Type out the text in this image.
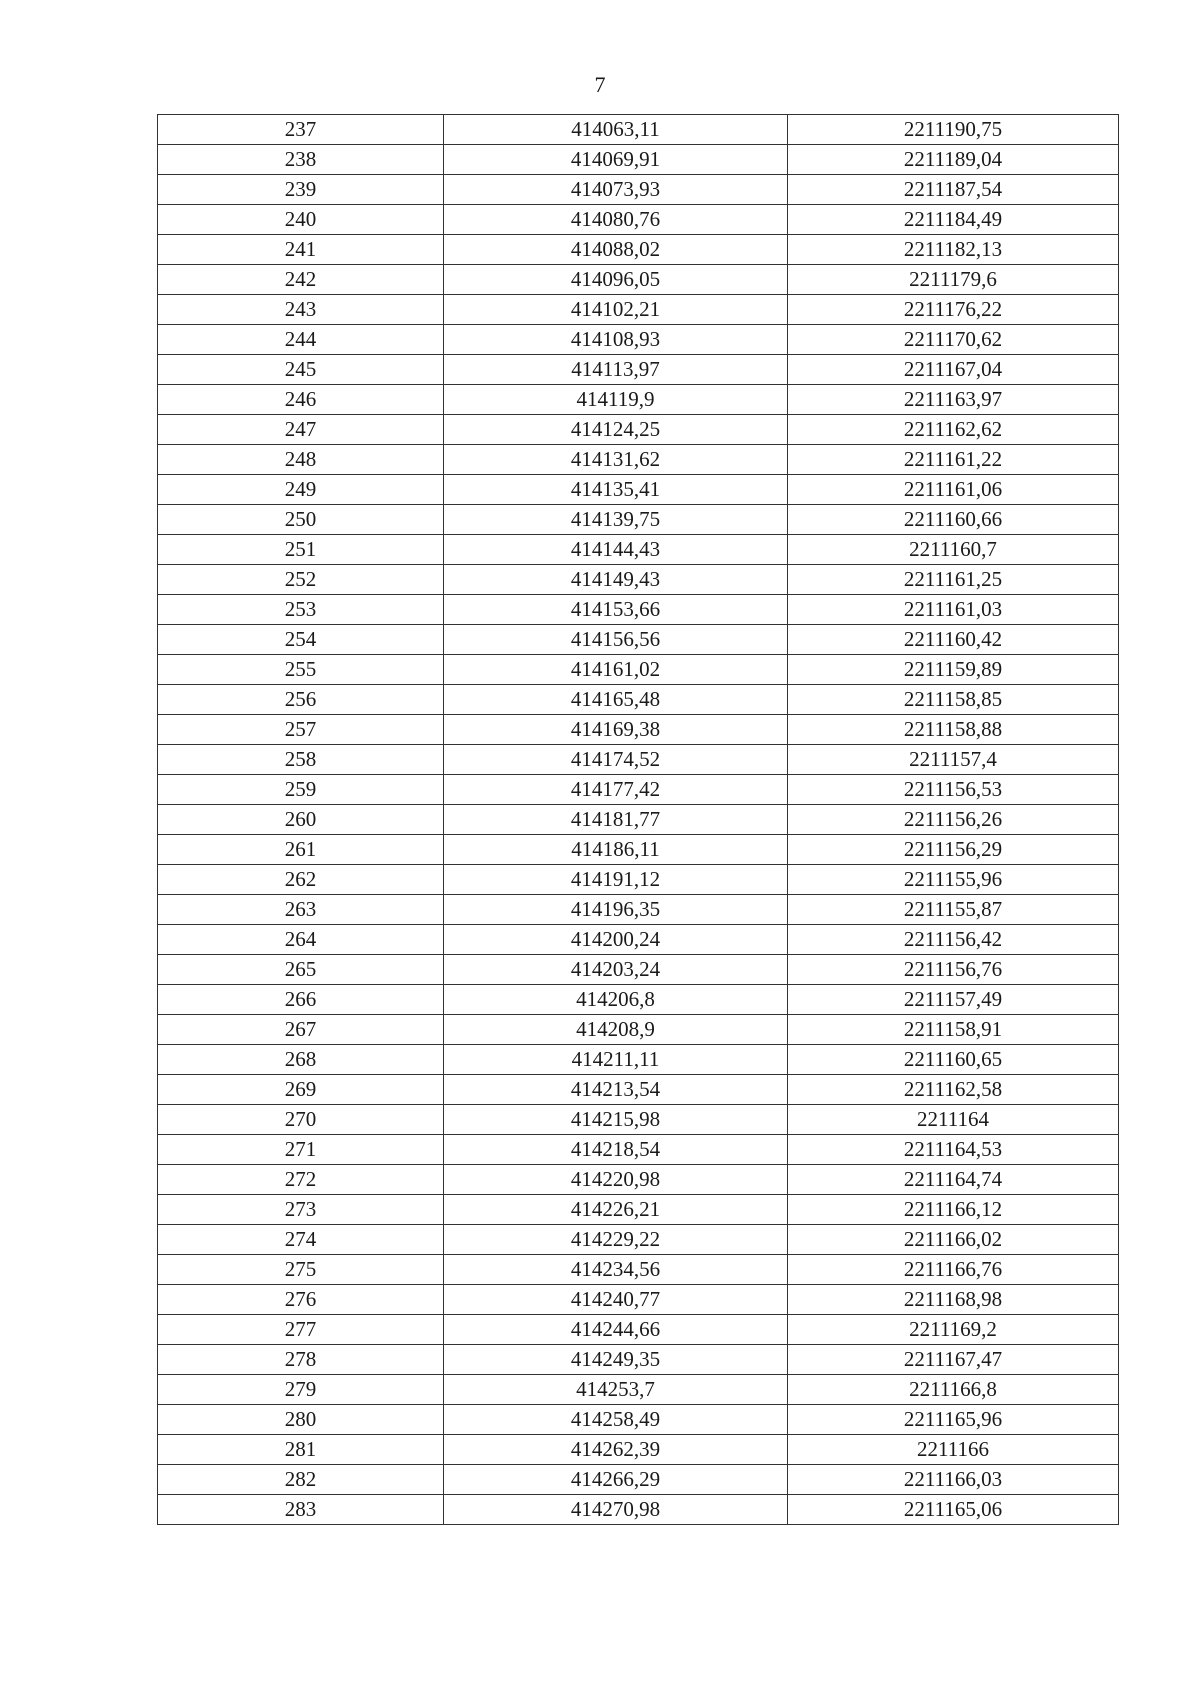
7
237	414063,11	2211190,75
238	414069,91	2211189,04
239	414073,93	2211187,54
240	414080,76	2211184,49
241	414088,02	2211182,13
242	414096,05	2211179,6
243	414102,21	2211176,22
244	414108,93	2211170,62
245	414113,97	2211167,04
246	414119,9	2211163,97
247	414124,25	2211162,62
248	414131,62	2211161,22
249	414135,41	2211161,06
250	414139,75	2211160,66
251	414144,43	2211160,7
252	414149,43	2211161,25
253	414153,66	2211161,03
254	414156,56	2211160,42
255	414161,02	2211159,89
256	414165,48	2211158,85
257	414169,38	2211158,88
258	414174,52	2211157,4
259	414177,42	2211156,53
260	414181,77	2211156,26
261	414186,11	2211156,29
262	414191,12	2211155,96
263	414196,35	2211155,87
264	414200,24	2211156,42
265	414203,24	2211156,76
266	414206,8	2211157,49
267	414208,9	2211158,91
268	414211,11	2211160,65
269	414213,54	2211162,58
270	414215,98	2211164
271	414218,54	2211164,53
272	414220,98	2211164,74
273	414226,21	2211166,12
274	414229,22	2211166,02
275	414234,56	2211166,76
276	414240,77	2211168,98
277	414244,66	2211169,2
278	414249,35	2211167,47
279	414253,7	2211166,8
280	414258,49	2211165,96
281	414262,39	2211166
282	414266,29	2211166,03
283	414270,98	2211165,06
